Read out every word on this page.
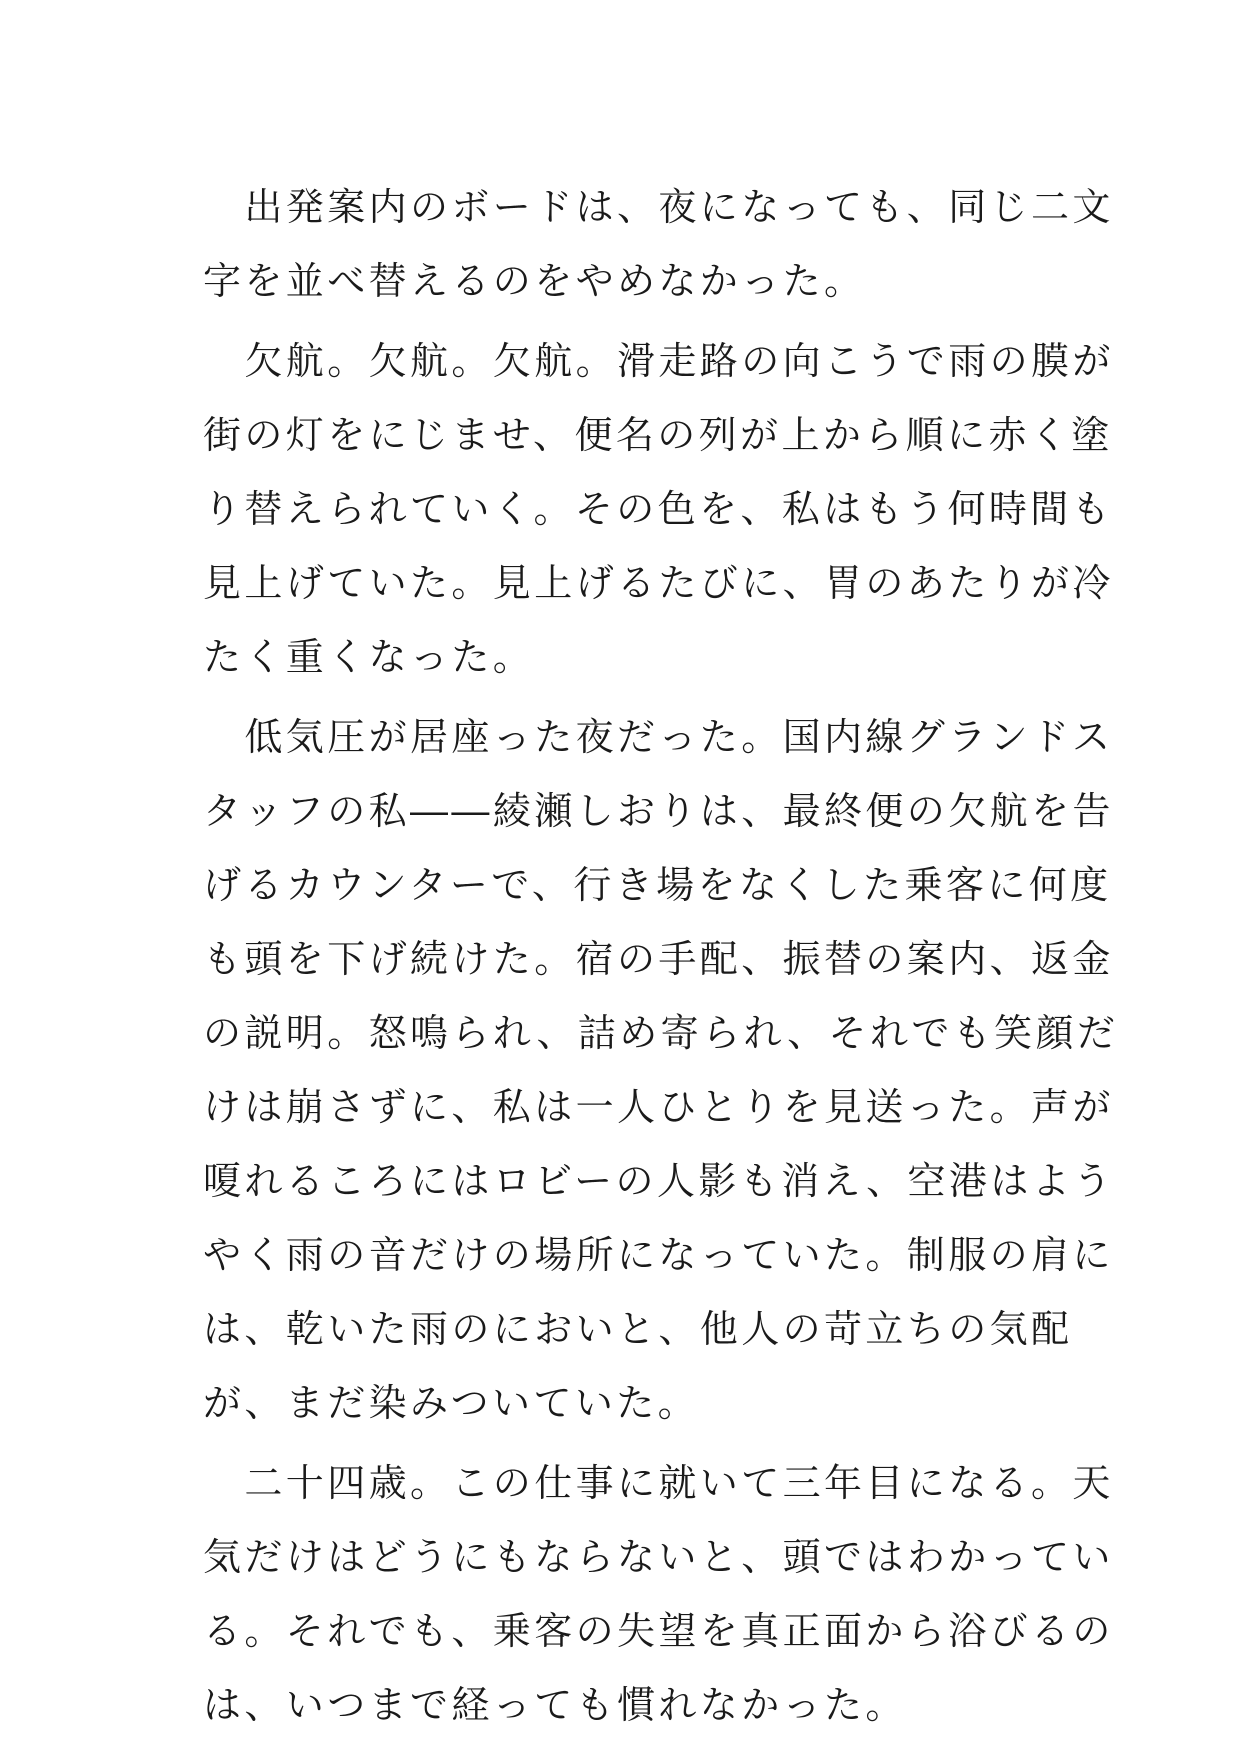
　出発案内のボードは、夜になっても、同じ二文
字を並べ替えるのをやめなかった。
　欠航。欠航。欠航。滑走路の向こうで雨の膜が
街の灯をにじませ、便名の列が上から順に赤く塗
り替えられていく。その色を、私はもう何時間も
見上げていた。見上げるたびに、胃のあたりが冷
たく重くなった。
　低気圧が居座った夜だった。国内線グランドス
タッフの私――綾瀬しおりは、最終便の欠航を告
げるカウンターで、行き場をなくした乗客に何度
も頭を下げ続けた。宿の手配、振替の案内、返金
の説明。怒鳴られ、詰め寄られ、それでも笑顔だ
けは崩さずに、私は一人ひとりを見送った。声が
嗄れるころにはロビーの人影も消え、空港はよう
やく雨の音だけの場所になっていた。制服の肩に
は、乾いた雨のにおいと、他人の苛立ちの気配
が、まだ染みついていた。
　二十四歳。この仕事に就いて三年目になる。天
気だけはどうにもならないと、頭ではわかってい
る。それでも、乗客の失望を真正面から浴びるの
は、いつまで経っても慣れなかった。
